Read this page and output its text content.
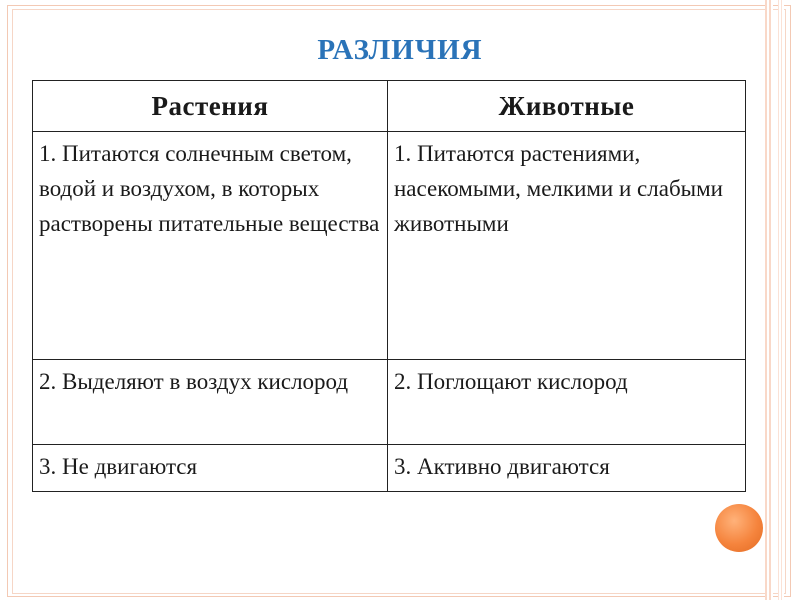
РАЗЛИЧИЯ
Растения	Животные
1. Питаются солнечным светом, водой и воздухом, в которых растворены питательные вещества	1. Питаются растениями, насекомыми, мелкими и слабыми животными
2. Выделяют в воздух кислород	2. Поглощают кислород
3. Не двигаются	3. Активно двигаются
